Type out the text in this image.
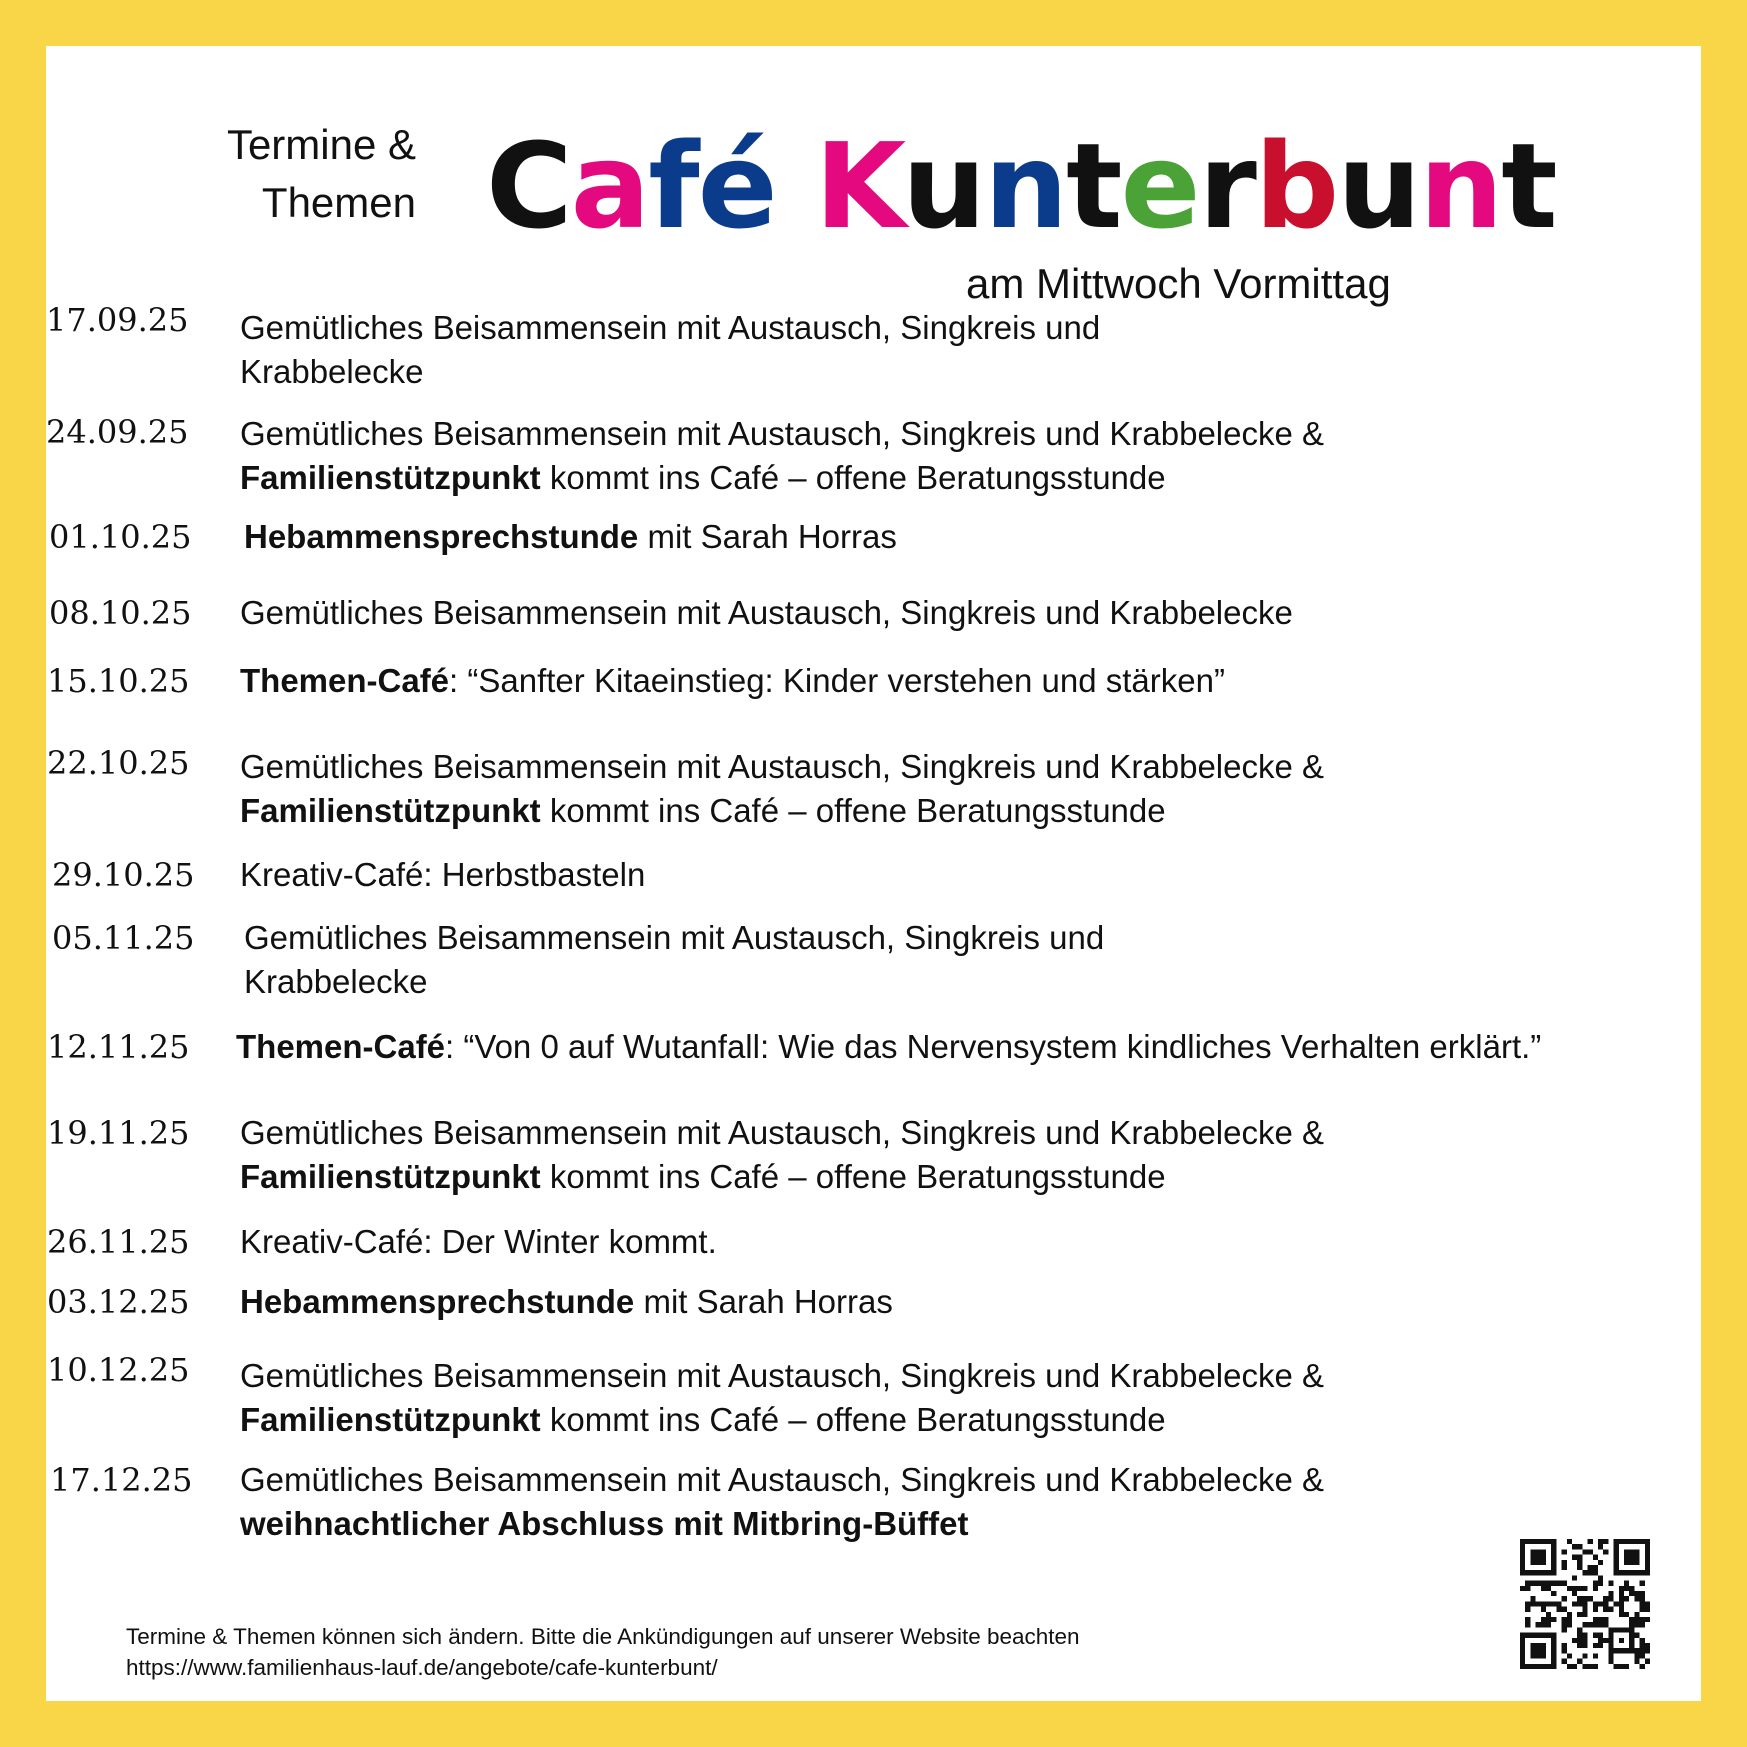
Termine &
Themen Café Kunterbunt
am Mittwoch Vormittag
17.09.25 Gemütliches Beisammensein mit Austausch, Singkreis und
Krabbelecke
24.09.25 Gemütliches Beisammensein mit Austausch, Singkreis und Krabbelecke &
Familienstützpunkt kommt ins Café – offene Beratungsstunde
01.10.25 Hebammensprechstunde mit Sarah Horras
08.10.25 Gemütliches Beisammensein mit Austausch, Singkreis und Krabbelecke
15.10.25 Themen-Café: “Sanfter Kitaeinstieg: Kinder verstehen und stärken”
22.10.25 Gemütliches Beisammensein mit Austausch, Singkreis und Krabbelecke &
Familienstützpunkt kommt ins Café – offene Beratungsstunde
29.10.25 Kreativ-Café: Herbstbasteln
05.11.25 Gemütliches Beisammensein mit Austausch, Singkreis und
Krabbelecke
12.11.25 Themen-Café: “Von 0 auf Wutanfall: Wie das Nervensystem kindliches Verhalten erklärt.”
19.11.25 Gemütliches Beisammensein mit Austausch, Singkreis und Krabbelecke &
Familienstützpunkt kommt ins Café – offene Beratungsstunde
26.11.25 Kreativ-Café: Der Winter kommt.
03.12.25 Hebammensprechstunde mit Sarah Horras
10.12.25 Gemütliches Beisammensein mit Austausch, Singkreis und Krabbelecke &
Familienstützpunkt kommt ins Café – offene Beratungsstunde
17.12.25 Gemütliches Beisammensein mit Austausch, Singkreis und Krabbelecke &
weihnachtlicher Abschluss mit Mitbring-Büffet
Termine & Themen können sich ändern. Bitte die Ankündigungen auf unserer Website beachten
https://www.familienhaus-lauf.de/angebote/cafe-kunterbunt/
